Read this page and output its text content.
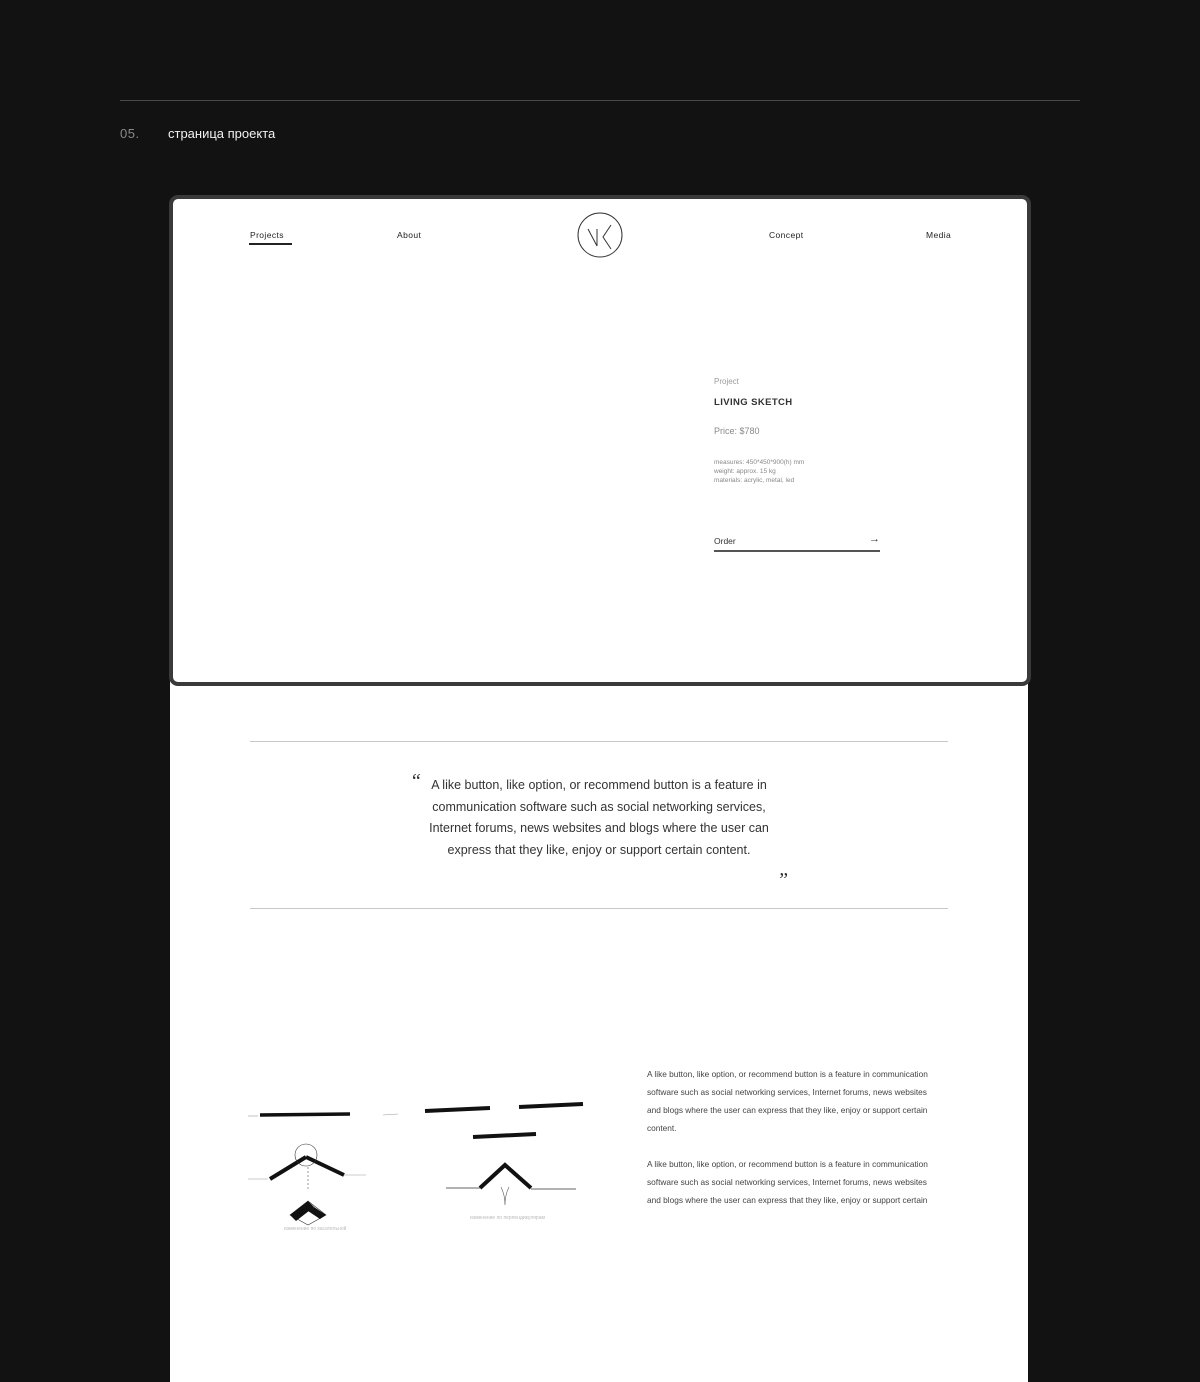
05. страница проекта
Projects	About	Concept	Media
Project
LIVING SKETCH
Price: $780
measures: 450*450*900(h) mm
weight: approx. 15 kg
materials: acrylic, metal, led
Order	→
“ A like button, like option, or recommend button is a feature in communication software such as social networking services, Internet forums, news websites and blogs where the user can express that they like, enjoy or support certain content.
”
изменение по касательной
изменение по перпендикулярам
A like button, like option, or recommend button is a feature in communication software such as social networking services, Internet forums, news websites and blogs where the user can express that they like, enjoy or support certain content.
A like button, like option, or recommend button is a feature in communication software such as social networking services, Internet forums, news websites and blogs where the user can express that they like, enjoy or support certain
